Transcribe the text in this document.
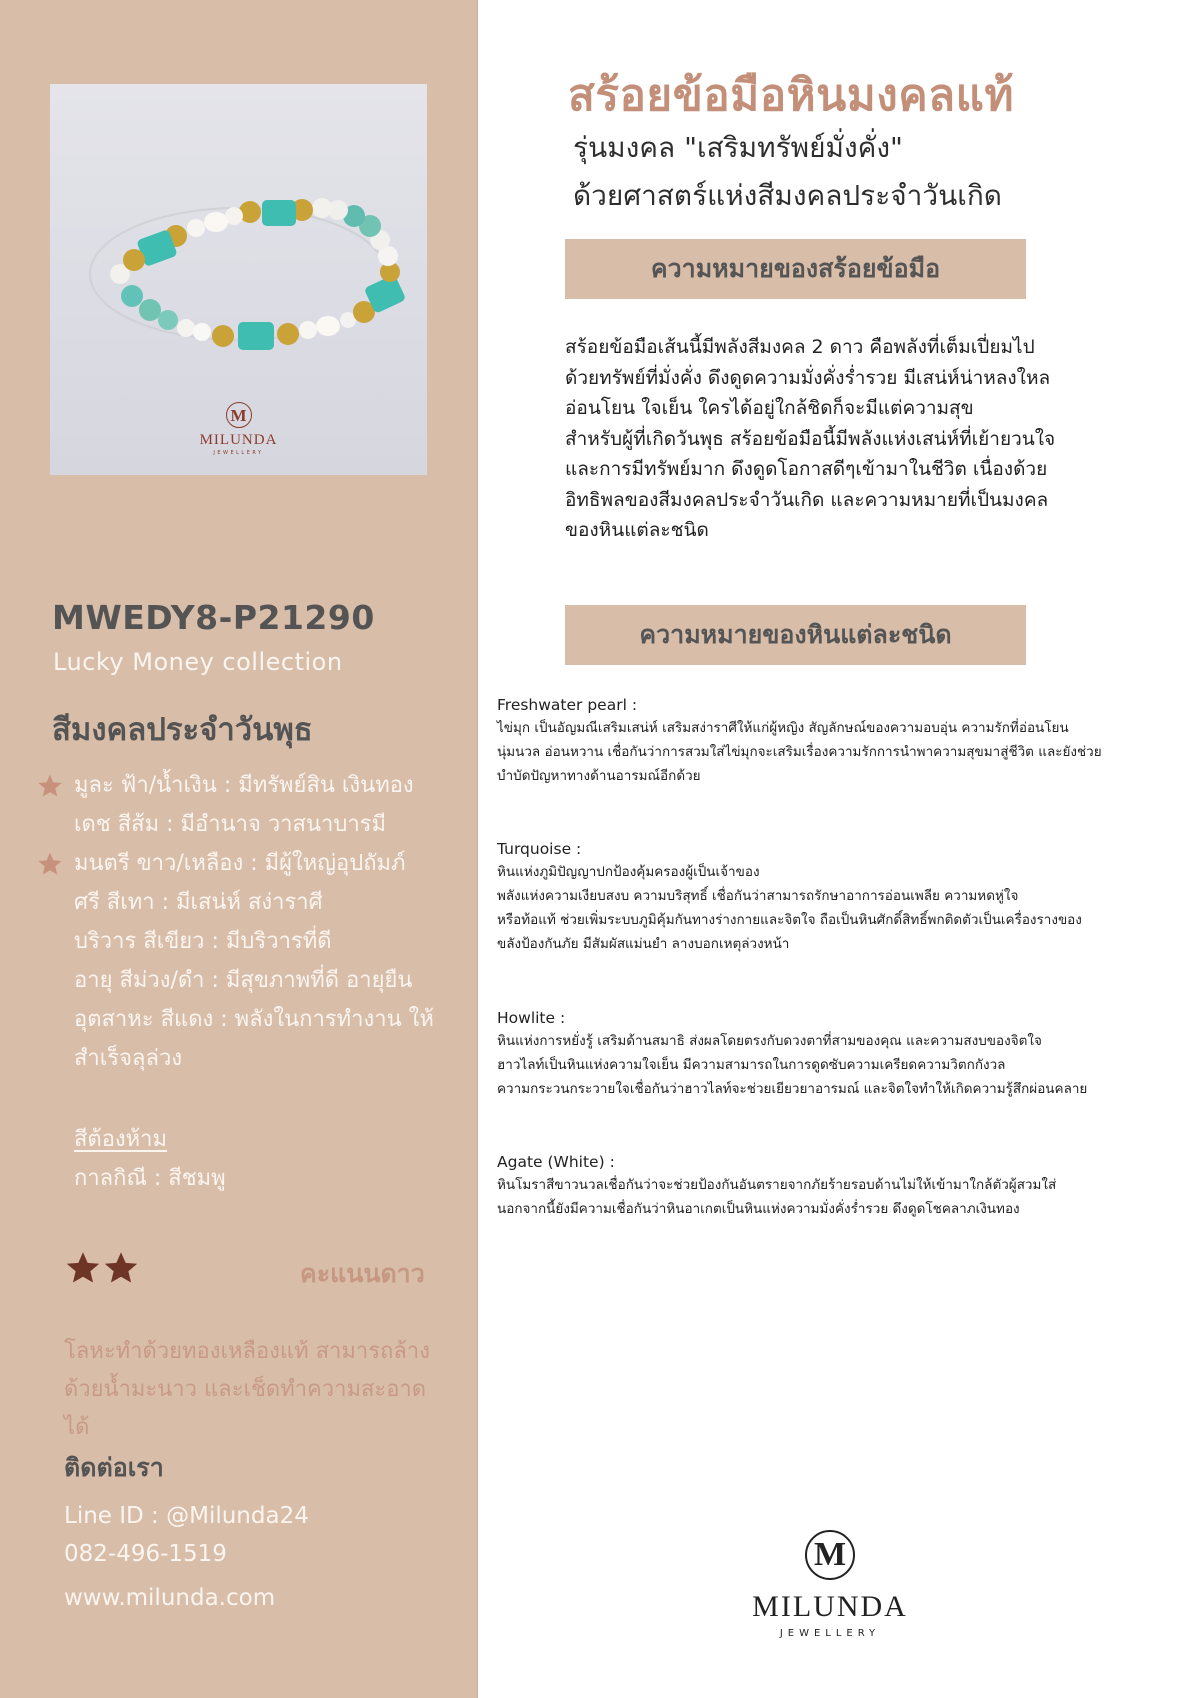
M
MILUNDA
JEWELLERY
MWEDY8-P21290
Lucky Money collection
สีมงคลประจำวันพุธ
มูละ ฟ้า/น้ำเงิน : มีทรัพย์สิน เงินทอง
เดช สีส้ม : มีอำนาจ วาสนาบารมี
มนตรี ขาว/เหลือง : มีผู้ใหญ่อุปถัมภ์
ศรี สีเทา : มีเสน่ห์ สง่าราศี
บริวาร สีเขียว : มีบริวารที่ดี
อายุ สีม่วง/ดำ : มีสุขภาพที่ดี อายุยืน
อุตสาหะ สีแดง : พลังในการทำงาน ให้สำเร็จลุล่วง
สีต้องห้าม
กาลกิณี : สีชมพู
คะแนนดาว
โลหะทำด้วยทองเหลืองแท้ สามารถล้าง
ด้วยน้ำมะนาว และเช็ดทำความสะอาดได้
ติดต่อเรา
Line ID : @Milunda24
082-496-1519
www.milunda.com
สร้อยข้อมือหินมงคลแท้
รุ่นมงคล "เสริมทรัพย์มั่งคั่ง"
ด้วยศาสตร์แห่งสีมงคลประจำวันเกิด
ความหมายของสร้อยข้อมือ
สร้อยข้อมือเส้นนี้มีพลังสีมงคล 2 ดาว คือพลังที่เต็มเปี่ยมไป
ด้วยทรัพย์ที่มั่งคั่ง ดึงดูดความมั่งคั่งร่ำรวย มีเสน่ห์น่าหลงใหล
อ่อนโยน ใจเย็น ใครได้อยู่ใกล้ชิดก็จะมีแต่ความสุข
สำหรับผู้ที่เกิดวันพุธ สร้อยข้อมือนี้มีพลังแห่งเสน่ห์ที่เย้ายวนใจ
และการมีทรัพย์มาก ดึงดูดโอกาสดีๆเข้ามาในชีวิต เนื่องด้วย
อิทธิพลของสีมงคลประจำวันเกิด และความหมายที่เป็นมงคล
ของหินแต่ละชนิด
ความหมายของหินแต่ละชนิด
Freshwater pearl :
ไข่มุก เป็นอัญมณีเสริมเสน่ห์ เสริมสง่าราศีให้แก่ผู้หญิง สัญลักษณ์ของความอบอุ่น ความรักที่อ่อนโยน
นุ่มนวล อ่อนหวาน เชื่อกันว่าการสวมใส่ไข่มุกจะเสริมเรื่องความรักการนำพาความสุขมาสู่ชีวิต และยังช่วย
บำบัดปัญหาทางด้านอารมณ์อีกด้วย
Turquoise :
หินแห่งภูมิปัญญาปกป้องคุ้มครองผู้เป็นเจ้าของ
พลังแห่งความเงียบสงบ ความบริสุทธิ์ เชื่อกันว่าสามารถรักษาอาการอ่อนเพลีย ความหดหู่ใจ
หรือท้อแท้ ช่วยเพิ่มระบบภูมิคุ้มกันทางร่างกายและจิตใจ ถือเป็นหินศักดิ์สิทธิ์พกติดตัวเป็นเครื่องรางของ
ขลังป้องกันภัย มีสัมผัสแม่นยำ ลางบอกเหตุล่วงหน้า
Howlite :
หินแห่งการหยั่งรู้ เสริมด้านสมาธิ ส่งผลโดยตรงกับดวงตาที่สามของคุณ และความสงบของจิตใจ
ฮาวไลท์เป็นหินแห่งความใจเย็น มีความสามารถในการดูดซับความเครียดความวิตกกังวล
ความกระวนกระวายใจเชื่อกันว่าฮาวไลท์จะช่วยเยียวยาอารมณ์ และจิตใจทำให้เกิดความรู้สึกผ่อนคลาย
Agate (White) :
หินโมราสีขาวนวลเชื่อกันว่าจะช่วยป้องกันอันตรายจากภัยร้ายรอบด้านไม่ให้เข้ามาใกล้ตัวผู้สวมใส่
นอกจากนี้ยังมีความเชื่อกันว่าหินอาเกตเป็นหินแห่งความมั่งคั่งร่ำรวย ดึงดูดโชคลาภเงินทอง
M
MILUNDA
JEWELLERY
